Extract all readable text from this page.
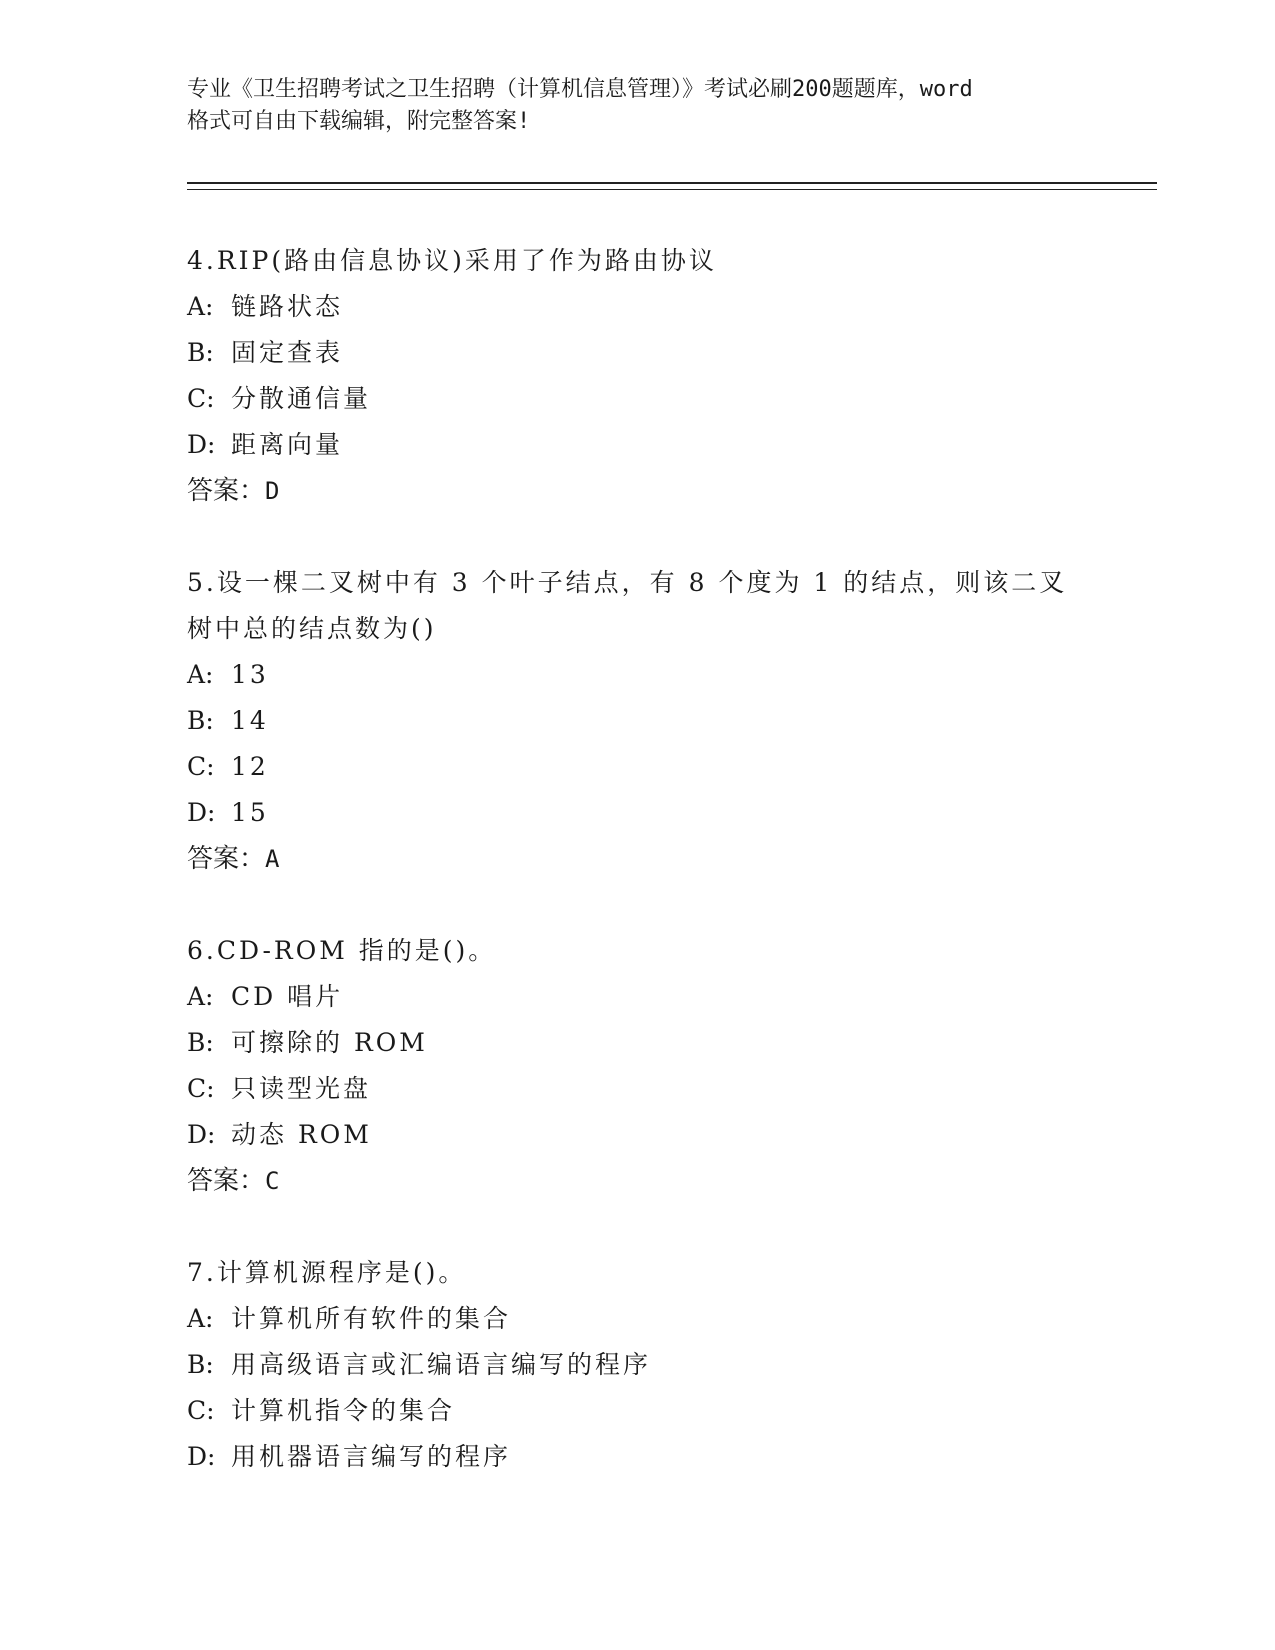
专业《卫生招聘考试之卫生招聘（计算机信息管理）》考试必刷200题题库，word
格式可自由下载编辑，附完整答案!
4.RIP(路由信息协议)采用了作为路由协议
A: 链路状态
B: 固定查表
C: 分散通信量
D: 距离向量
答案：D
5.设一棵二叉树中有 3 个叶子结点，有 8 个度为 1 的结点，则该二叉
树中总的结点数为()
A: 13
B: 14
C: 12
D: 15
答案：A
6.CD-ROM 指的是()。
A: CD 唱片
B: 可擦除的 ROM
C: 只读型光盘
D: 动态 ROM
答案：C
7.计算机源程序是()。
A: 计算机所有软件的集合
B: 用高级语言或汇编语言编写的程序
C: 计算机指令的集合
D: 用机器语言编写的程序
